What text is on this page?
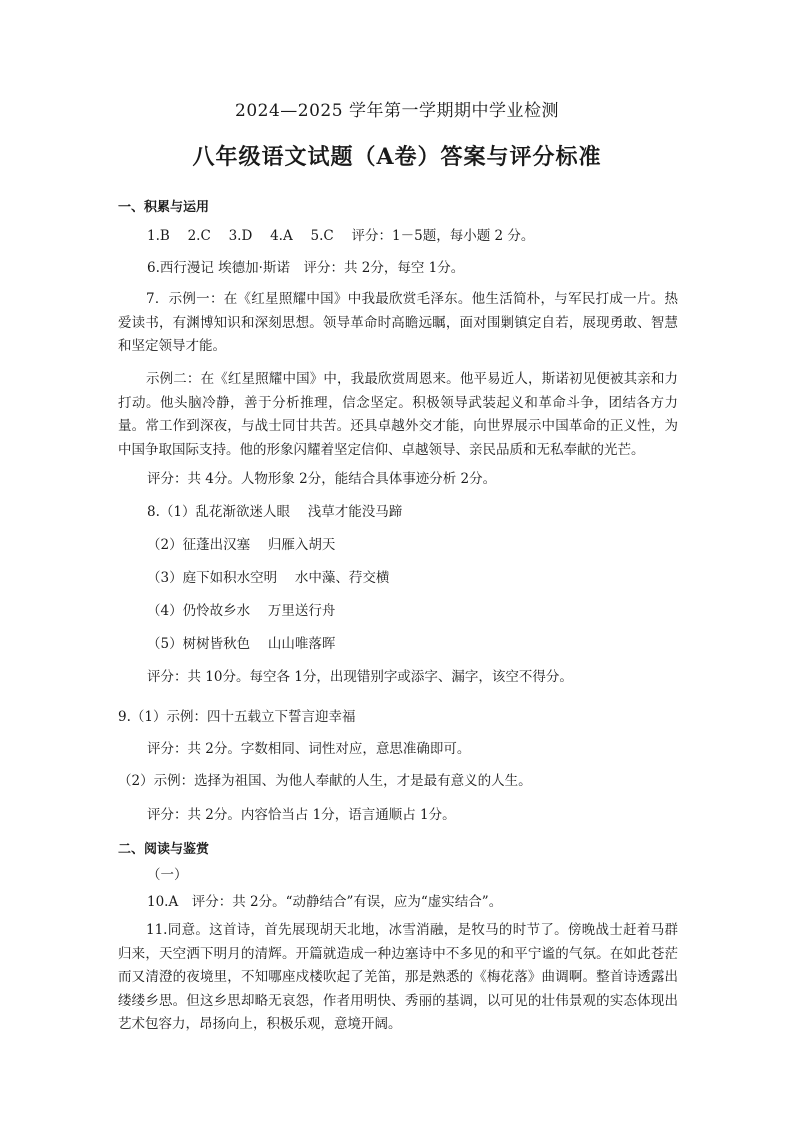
2024—2025 学年第一学期期中学业检测
八年级语文试题（A卷）答案与评分标准
一、积累与运用
1.B　 2.C　 3.D　 4.A　 5.C　 评分：1－5题，每小题 2 分。
6.西行漫记 埃德加·斯诺　评分：共 2分，每空 1分。
7．示例一：在《红星照耀中国》中我最欣赏毛泽东。他生活简朴，与军民打成一片。热爱读书，有渊博知识和深刻思想。领导革命时高瞻远瞩，面对围剿镇定自若，展现勇敢、智慧和坚定领导才能。
示例二：在《红星照耀中国》中，我最欣赏周恩来。他平易近人，斯诺初见便被其亲和力打动。他头脑冷静，善于分析推理，信念坚定。积极领导武装起义和革命斗争，团结各方力量。常工作到深夜，与战士同甘共苦。还具卓越外交才能，向世界展示中国革命的正义性，为中国争取国际支持。他的形象闪耀着坚定信仰、卓越领导、亲民品质和无私奉献的光芒。
评分：共 4分。人物形象 2分，能结合具体事迹分析 2分。
8.（1）乱花渐欲迷人眼　 浅草才能没马蹄
（2）征蓬出汉塞　 归雁入胡天
（3）庭下如积水空明　 水中藻、荇交横
（4）仍怜故乡水　 万里送行舟
（5）树树皆秋色　 山山唯落晖
评分：共 10分。每空各 1分，出现错别字或添字、漏字，该空不得分。
9.（1）示例：四十五载立下誓言迎幸福
评分：共 2分。字数相同、词性对应，意思准确即可。
（2）示例：选择为祖国、为他人奉献的人生，才是最有意义的人生。
评分：共 2分。内容恰当占 1分，语言通顺占 1分。
二、阅读与鉴赏
（一）
10.A　评分：共 2分。“动静结合”有误，应为“虚实结合”。
11.同意。这首诗，首先展现胡天北地，冰雪消融，是牧马的时节了。傍晚战士赶着马群归来，天空洒下明月的清辉。开篇就造成一种边塞诗中不多见的和平宁谧的气氛。在如此苍茫而又清澄的夜境里，不知哪座戍楼吹起了羌笛，那是熟悉的《梅花落》曲调啊。整首诗透露出缕缕乡思。但这乡思却略无哀怨，作者用明快、秀丽的基调，以可见的壮伟景观的实态体现出艺术包容力，昂扬向上，积极乐观，意境开阔。
